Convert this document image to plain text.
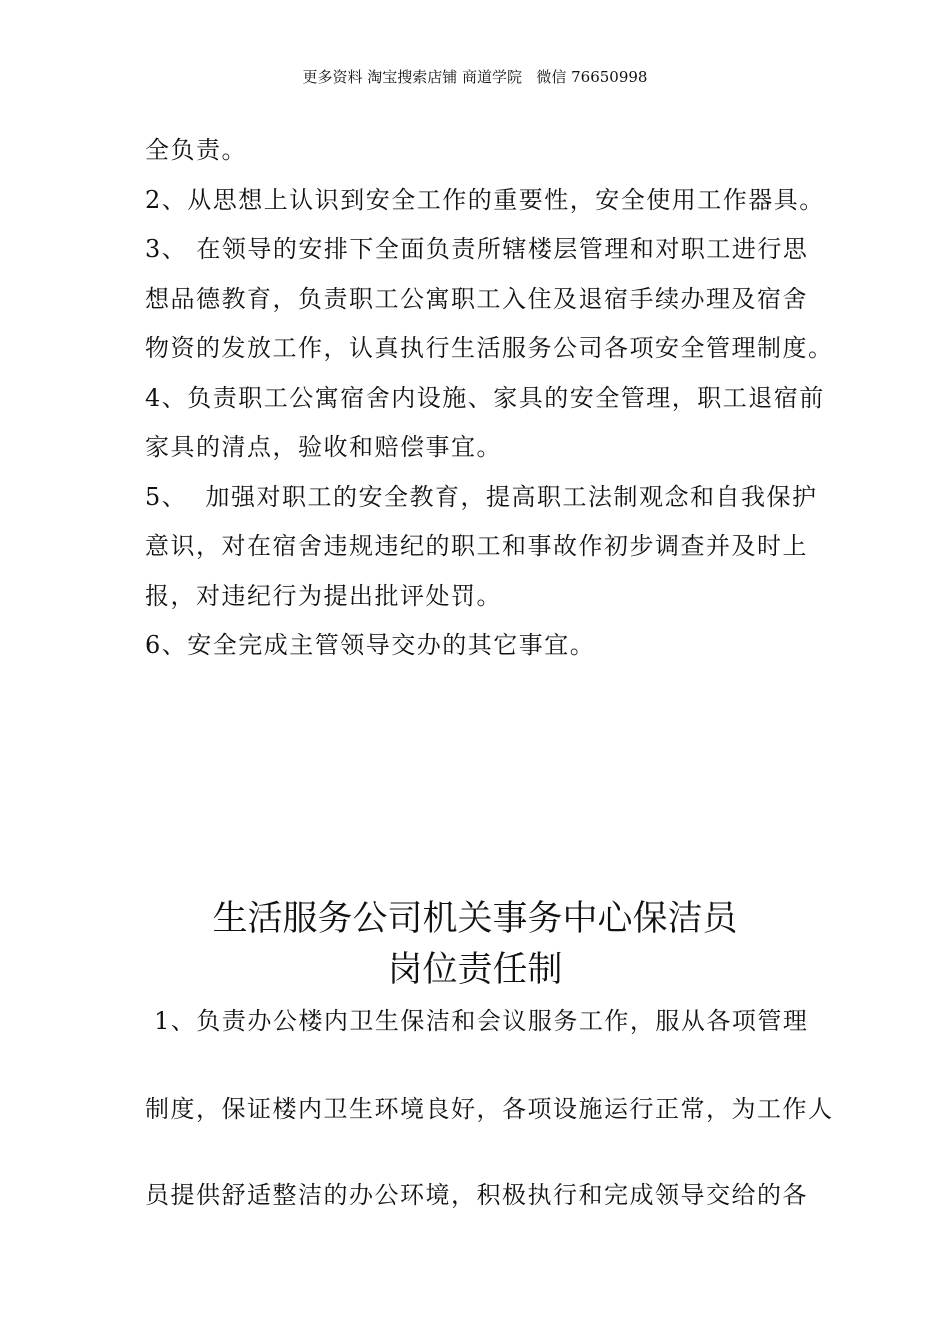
更多资料 淘宝搜索店铺 商道学院   微信 76650998
全负责。
2、从思想上认识到安全工作的重要性，安全使用工作器具。
3、 在领导的安排下全面负责所辖楼层管理和对职工进行思
想品德教育，负责职工公寓职工入住及退宿手续办理及宿舍
物资的发放工作，认真执行生活服务公司各项安全管理制度。
4、负责职工公寓宿舍内设施、家具的安全管理，职工退宿前
家具的清点，验收和赔偿事宜。
5、  加强对职工的安全教育，提高职工法制观念和自我保护
意识，对在宿舍违规违纪的职工和事故作初步调查并及时上
报，对违纪行为提出批评处罚。
6、安全完成主管领导交办的其它事宜。
生活服务公司机关事务中心保洁员
岗位责任制
1、负责办公楼内卫生保洁和会议服务工作，服从各项管理
制度，保证楼内卫生环境良好，各项设施运行正常，为工作人
员提供舒适整洁的办公环境，积极执行和完成领导交给的各
